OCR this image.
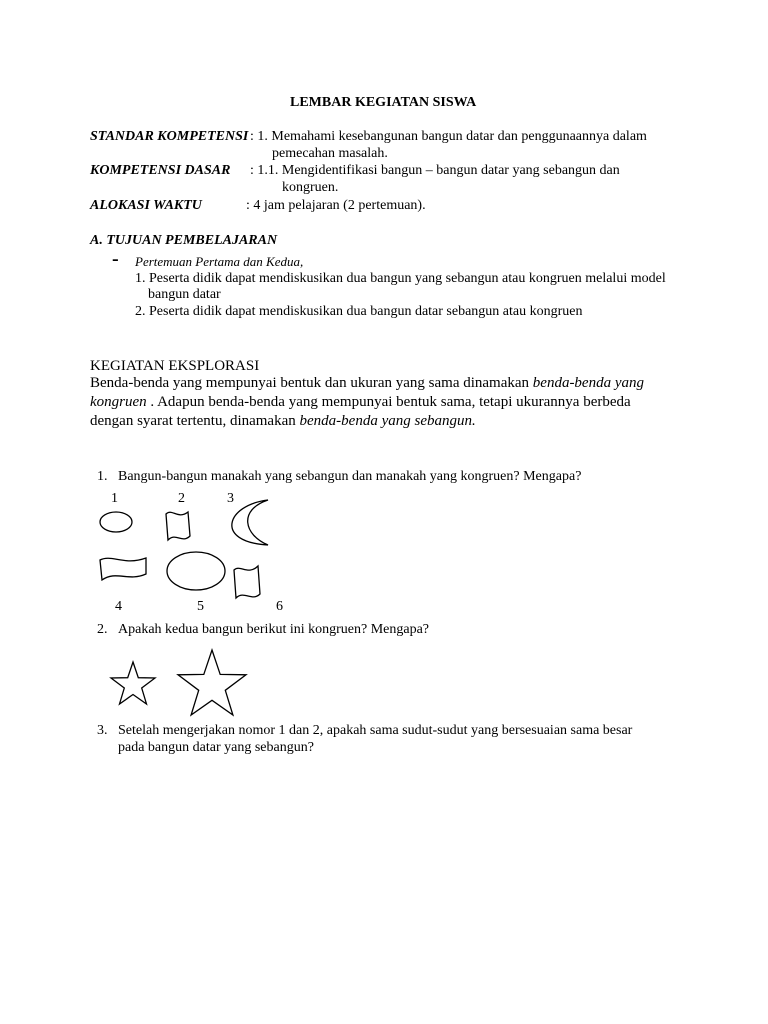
LEMBAR KEGIATAN SISWA
STANDAR KOMPETENSI : 1. Memahami kesebangunan bangun datar dan penggunaannya dalam
pemecahan masalah.
KOMPETENSI DASAR : 1.1. Mengidentifikasi bangun – bangun datar yang sebangun dan
kongruen.
ALOKASI WAKTU	: 4 jam pelajaran (2 pertemuan).
A. TUJUAN PEMBELAJARAN
- Pertemuan Pertama dan Kedua,
1. Peserta didik dapat mendiskusikan dua bangun yang sebangun atau kongruen melalui model
bangun datar
2. Peserta didik dapat mendiskusikan dua bangun datar sebangun atau kongruen
KEGIATAN EKSPLORASI
Benda-benda yang mempunyai bentuk dan ukuran yang sama dinamakan benda-benda yang
kongruen . Adapun benda-benda yang mempunyai bentuk sama, tetapi ukurannya berbeda
dengan syarat tertentu, dinamakan benda-benda yang sebangun.
1. Bangun-bangun manakah yang sebangun dan manakah yang kongruen? Mengapa?
1	2	3
4	5	6
2. Apakah kedua bangun berikut ini kongruen? Mengapa?
3. Setelah mengerjakan nomor 1 dan 2, apakah sama sudut-sudut yang bersesuaian sama besar
pada bangun datar yang sebangun?
